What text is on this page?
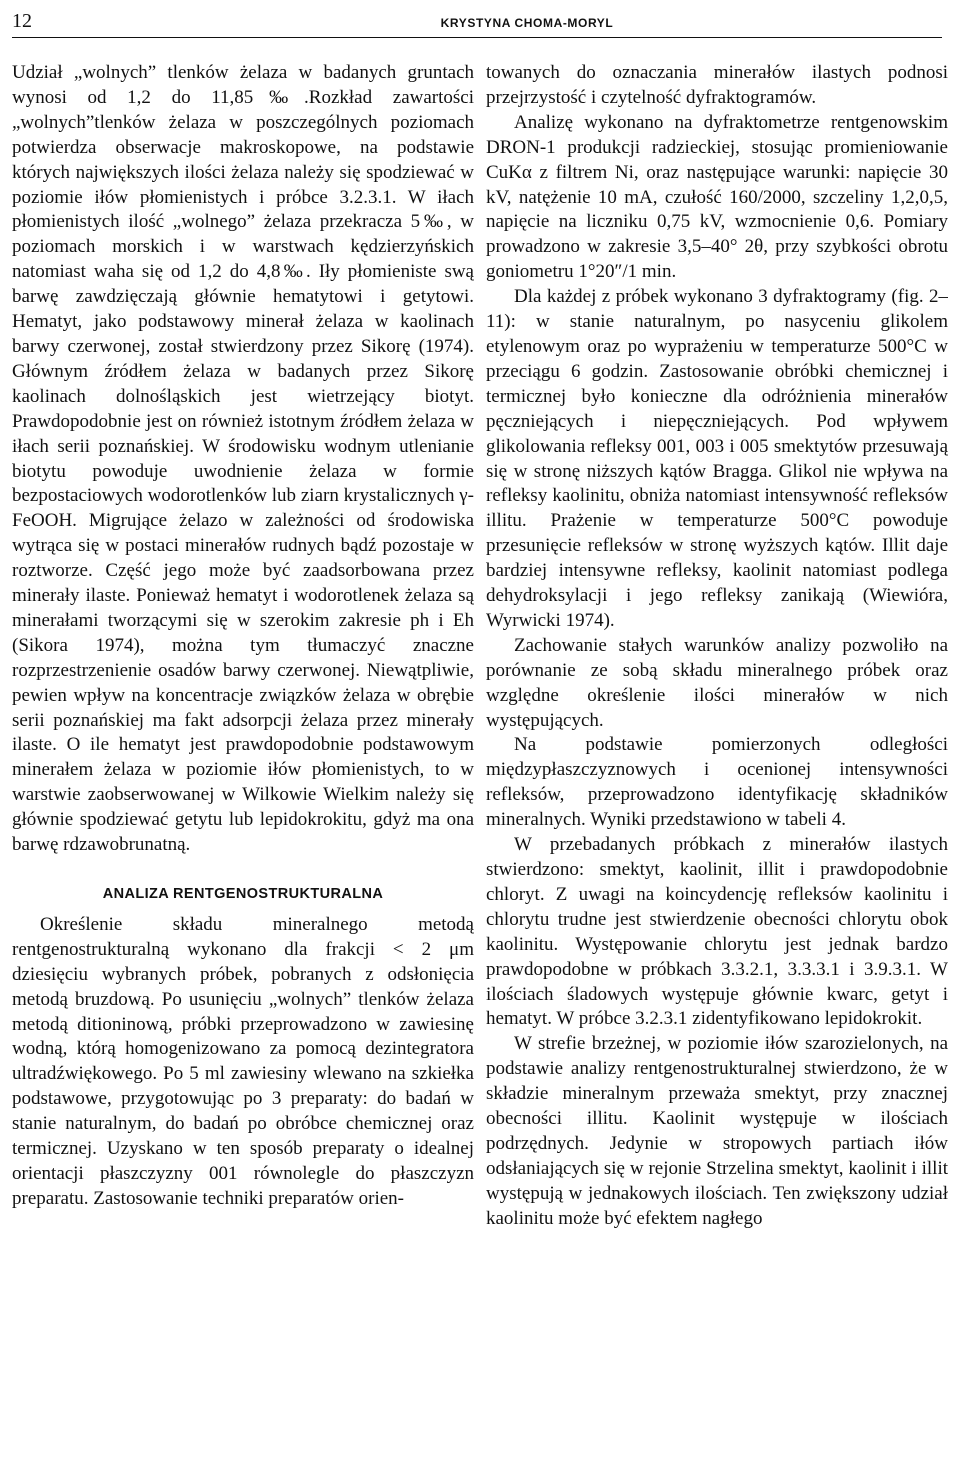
12	KRYSTYNA CHOMA-MORYL

Udział „wolnych” tlenków żelaza w badanych gruntach wynosi od 1,2 do 11,85‰.Rozkład zawartości „wolnych”tlenków żelaza w poszczególnych poziomach potwierdza obserwacje makroskopowe, na podstawie których największych ilości żelaza należy się spodziewać w poziomie iłów płomienistych i próbce 3.2.3.1. W iłach płomienistych ilość „wolnego” żelaza przekracza 5‰, w poziomach morskich i w warstwach kędzierzyńskich natomiast waha się od 1,2 do 4,8‰. Iły płomieniste swą barwę zawdzięczają głównie hematytowi i getytowi. Hematyt, jako podstawowy minerał żelaza w kaolinach barwy czerwonej, został stwierdzony przez Sikorę (1974). Głównym źródłem żelaza w badanych przez Sikorę kaolinach dolnośląskich jest wietrzejący biotyt. Prawdopodobnie jest on również istotnym źródłem żelaza w iłach serii poznańskiej. W środowisku wodnym utlenianie biotytu powoduje uwodnienie żelaza w formie bezpostaciowych wodorotlenków lub ziarn krystalicznych γ-FeOOH. Migrujące żelazo w zależności od środowiska wytrąca się w postaci minerałów rudnych bądź pozostaje w roztworze. Część jego może być zaadsorbowana przez minerały ilaste. Ponieważ hematyt i wodorotlenek żelaza są minerałami tworzącymi się w szerokim zakresie ph i Eh (Sikora 1974), można tym tłumaczyć znaczne rozprzestrzenienie osadów barwy czerwonej. Niewątpliwie, pewien wpływ na koncentracje związków żelaza w obrębie serii poznańskiej ma fakt adsorpcji żelaza przez minerały ilaste. O ile hematyt jest prawdopodobnie podstawowym minerałem żelaza w poziomie iłów płomienistych, to w warstwie zaobserwowanej w Wilkowie Wielkim należy się głównie spodziewać getytu lub lepidokrokitu, gdyż ma ona barwę rdzawobrunatną.

ANALIZA RENTGENOSTRUKTURALNA

Określenie składu mineralnego metodą rentgenostrukturalną wykonano dla frakcji < 2 μm dziesięciu wybranych próbek, pobranych z odsłonięcia metodą bruzdową. Po usunięciu „wolnych” tlenków żelaza metodą ditioninową, próbki przeprowadzono w zawiesinę wodną, którą homogenizowano za pomocą dezintegratora ultradźwiękowego. Po 5 ml zawiesiny wlewano na szkiełka podstawowe, przygotowując po 3 preparaty: do badań w stanie naturalnym, do badań po obróbce chemicznej oraz termicznej. Uzyskano w ten sposób preparaty o idealnej orientacji płaszczyzny 001 równolegle do płaszczyzn preparatu. Zastosowanie techniki preparatów orien-

towanych do oznaczania minerałów ilastych podnosi przejrzystość i czytelność dyfraktogramów.

Analizę wykonano na dyfraktometrze rentgenowskim DRON-1 produkcji radzieckiej, stosując promieniowanie CuKα z filtrem Ni, oraz następujące warunki: napięcie 30 kV, natężenie 10 mA, czułość 160/2000, szczeliny 1,2,0,5, napięcie na liczniku 0,75 kV, wzmocnienie 0,6. Pomiary prowadzono w zakresie 3,5–40° 2θ, przy szybkości obrotu goniometru 1°20″/1 min.

Dla każdej z próbek wykonano 3 dyfraktogramy (fig. 2–11): w stanie naturalnym, po nasyceniu glikolem etylenowym oraz po wyprażeniu w temperaturze 500°C w przeciągu 6 godzin. Zastosowanie obróbki chemicznej i termicznej było konieczne dla odróżnienia minerałów pęczniejących i niepęczniejących. Pod wpływem glikolowania refleksy 001, 003 i 005 smektytów przesuwają się w stronę niższych kątów Bragga. Glikol nie wpływa na refleksy kaolinitu, obniża natomiast intensywność refleksów illitu. Prażenie w temperaturze 500°C powoduje przesunięcie refleksów w stronę wyższych kątów. Illit daje bardziej intensywne refleksy, kaolinit natomiast podlega dehydroksylacji i jego refleksy zanikają (Wiewióra, Wyrwicki 1974).

Zachowanie stałych warunków analizy pozwoliło na porównanie ze sobą składu mineralnego próbek oraz względne określenie ilości minerałów w nich występujących.

Na podstawie pomierzonych odległości międzypłaszczyznowych i ocenionej intensywności refleksów, przeprowadzono identyfikację składników mineralnych. Wyniki przedstawiono w tabeli 4.

W przebadanych próbkach z minerałów ilastych stwierdzono: smektyt, kaolinit, illit i prawdopodobnie chloryt. Z uwagi na koincydencję refleksów kaolinitu i chlorytu trudne jest stwierdzenie obecności chlorytu obok kaolinitu. Występowanie chlorytu jest jednak bardzo prawdopodobne w próbkach 3.3.2.1, 3.3.3.1 i 3.9.3.1. W ilościach śladowych występuje głównie kwarc, getyt i hematyt. W próbce 3.2.3.1 zidentyfikowano lepidokrokit.

W strefie brzeżnej, w poziomie iłów szarozielonych, na podstawie analizy rentgenostrukturalnej stwierdzono, że w składzie mineralnym przeważa smektyt, przy znacznej obecności illitu. Kaolinit występuje w ilościach podrzędnych. Jedynie w stropowych partiach iłów odsłaniających się w rejonie Strzelina smektyt, kaolinit i illit występują w jednakowych ilościach. Ten zwiększony udział kaolinitu może być efektem nagłego
